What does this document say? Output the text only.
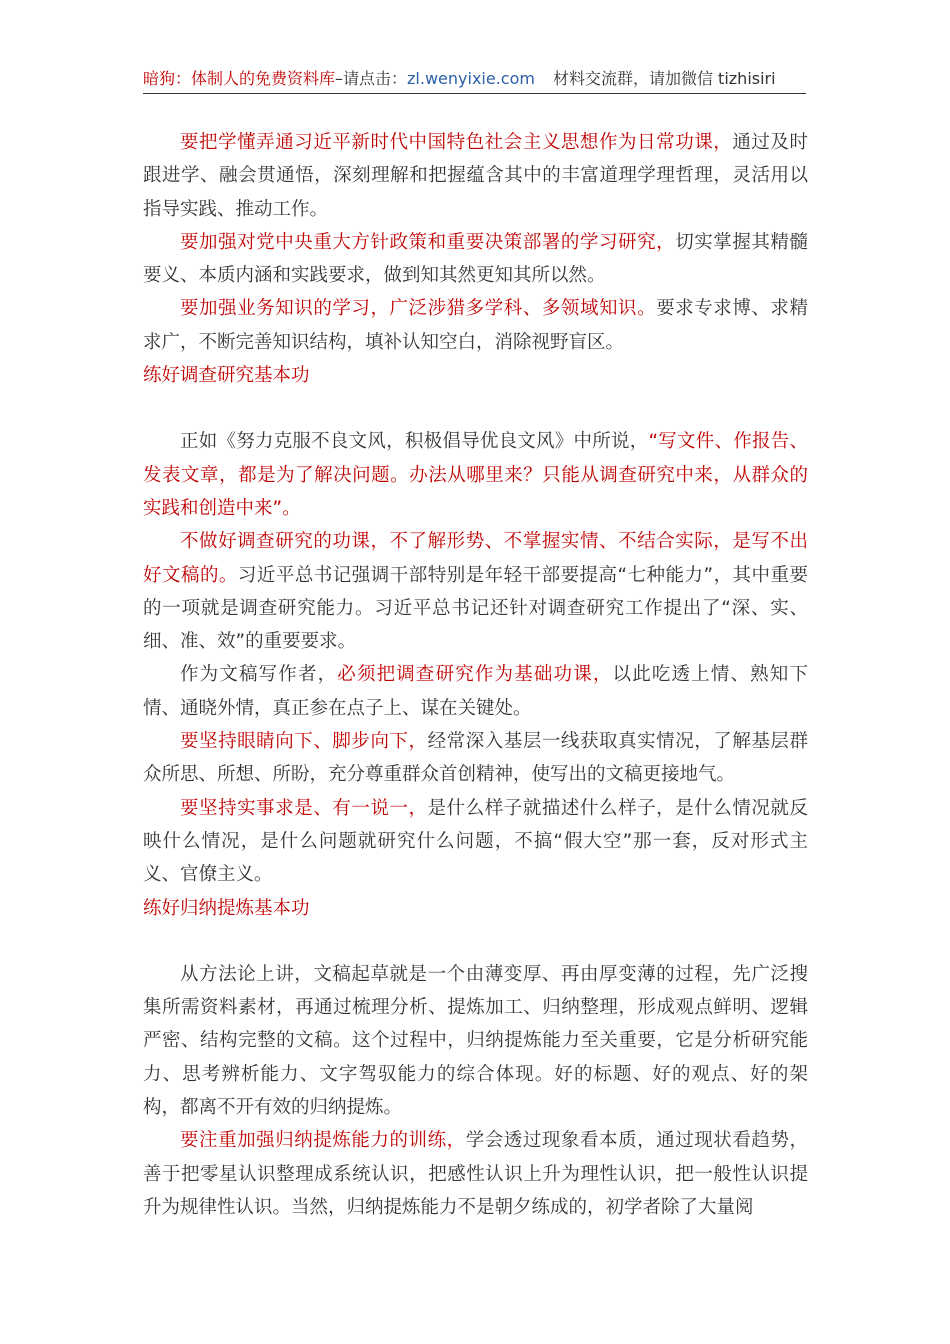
暗狗：体制人的免费资料库–请点击：zl.wenyixie.com 材料交流群，请加微信 tizhisiri

要把学懂弄通习近平新时代中国特色社会主义思想作为日常功课，通过及时跟进学、融会贯通悟，深刻理解和把握蕴含其中的丰富道理学理哲理，灵活用以指导实践、推动工作。

要加强对党中央重大方针政策和重要决策部署的学习研究，切实掌握其精髓要义、本质内涵和实践要求，做到知其然更知其所以然。

要加强业务知识的学习，广泛涉猎多学科、多领域知识。要求专求博、求精求广，不断完善知识结构，填补认知空白，消除视野盲区。

练好调查研究基本功

正如《努力克服不良文风，积极倡导优良文风》中所说，“写文件、作报告、发表文章，都是为了解决问题。办法从哪里来？只能从调查研究中来，从群众的实践和创造中来”。

不做好调查研究的功课，不了解形势、不掌握实情、不结合实际，是写不出好文稿的。习近平总书记强调干部特别是年轻干部要提高“七种能力”，其中重要的一项就是调查研究能力。习近平总书记还针对调查研究工作提出了“深、实、细、准、效”的重要要求。

作为文稿写作者，必须把调查研究作为基础功课，以此吃透上情、熟知下情、通晓外情，真正参在点子上、谋在关键处。

要坚持眼睛向下、脚步向下，经常深入基层一线获取真实情况，了解基层群众所思、所想、所盼，充分尊重群众首创精神，使写出的文稿更接地气。

要坚持实事求是、有一说一，是什么样子就描述什么样子，是什么情况就反映什么情况，是什么问题就研究什么问题，不搞“假大空”那一套，反对形式主义、官僚主义。

练好归纳提炼基本功

从方法论上讲，文稿起草就是一个由薄变厚、再由厚变薄的过程，先广泛搜集所需资料素材，再通过梳理分析、提炼加工、归纳整理，形成观点鲜明、逻辑严密、结构完整的文稿。这个过程中，归纳提炼能力至关重要，它是分析研究能力、思考辨析能力、文字驾驭能力的综合体现。好的标题、好的观点、好的架构，都离不开有效的归纳提炼。

要注重加强归纳提炼能力的训练，学会透过现象看本质，通过现状看趋势，善于把零星认识整理成系统认识，把感性认识上升为理性认识，把一般性认识提升为规律性认识。当然，归纳提炼能力不是朝夕练成的，初学者除了大量阅
